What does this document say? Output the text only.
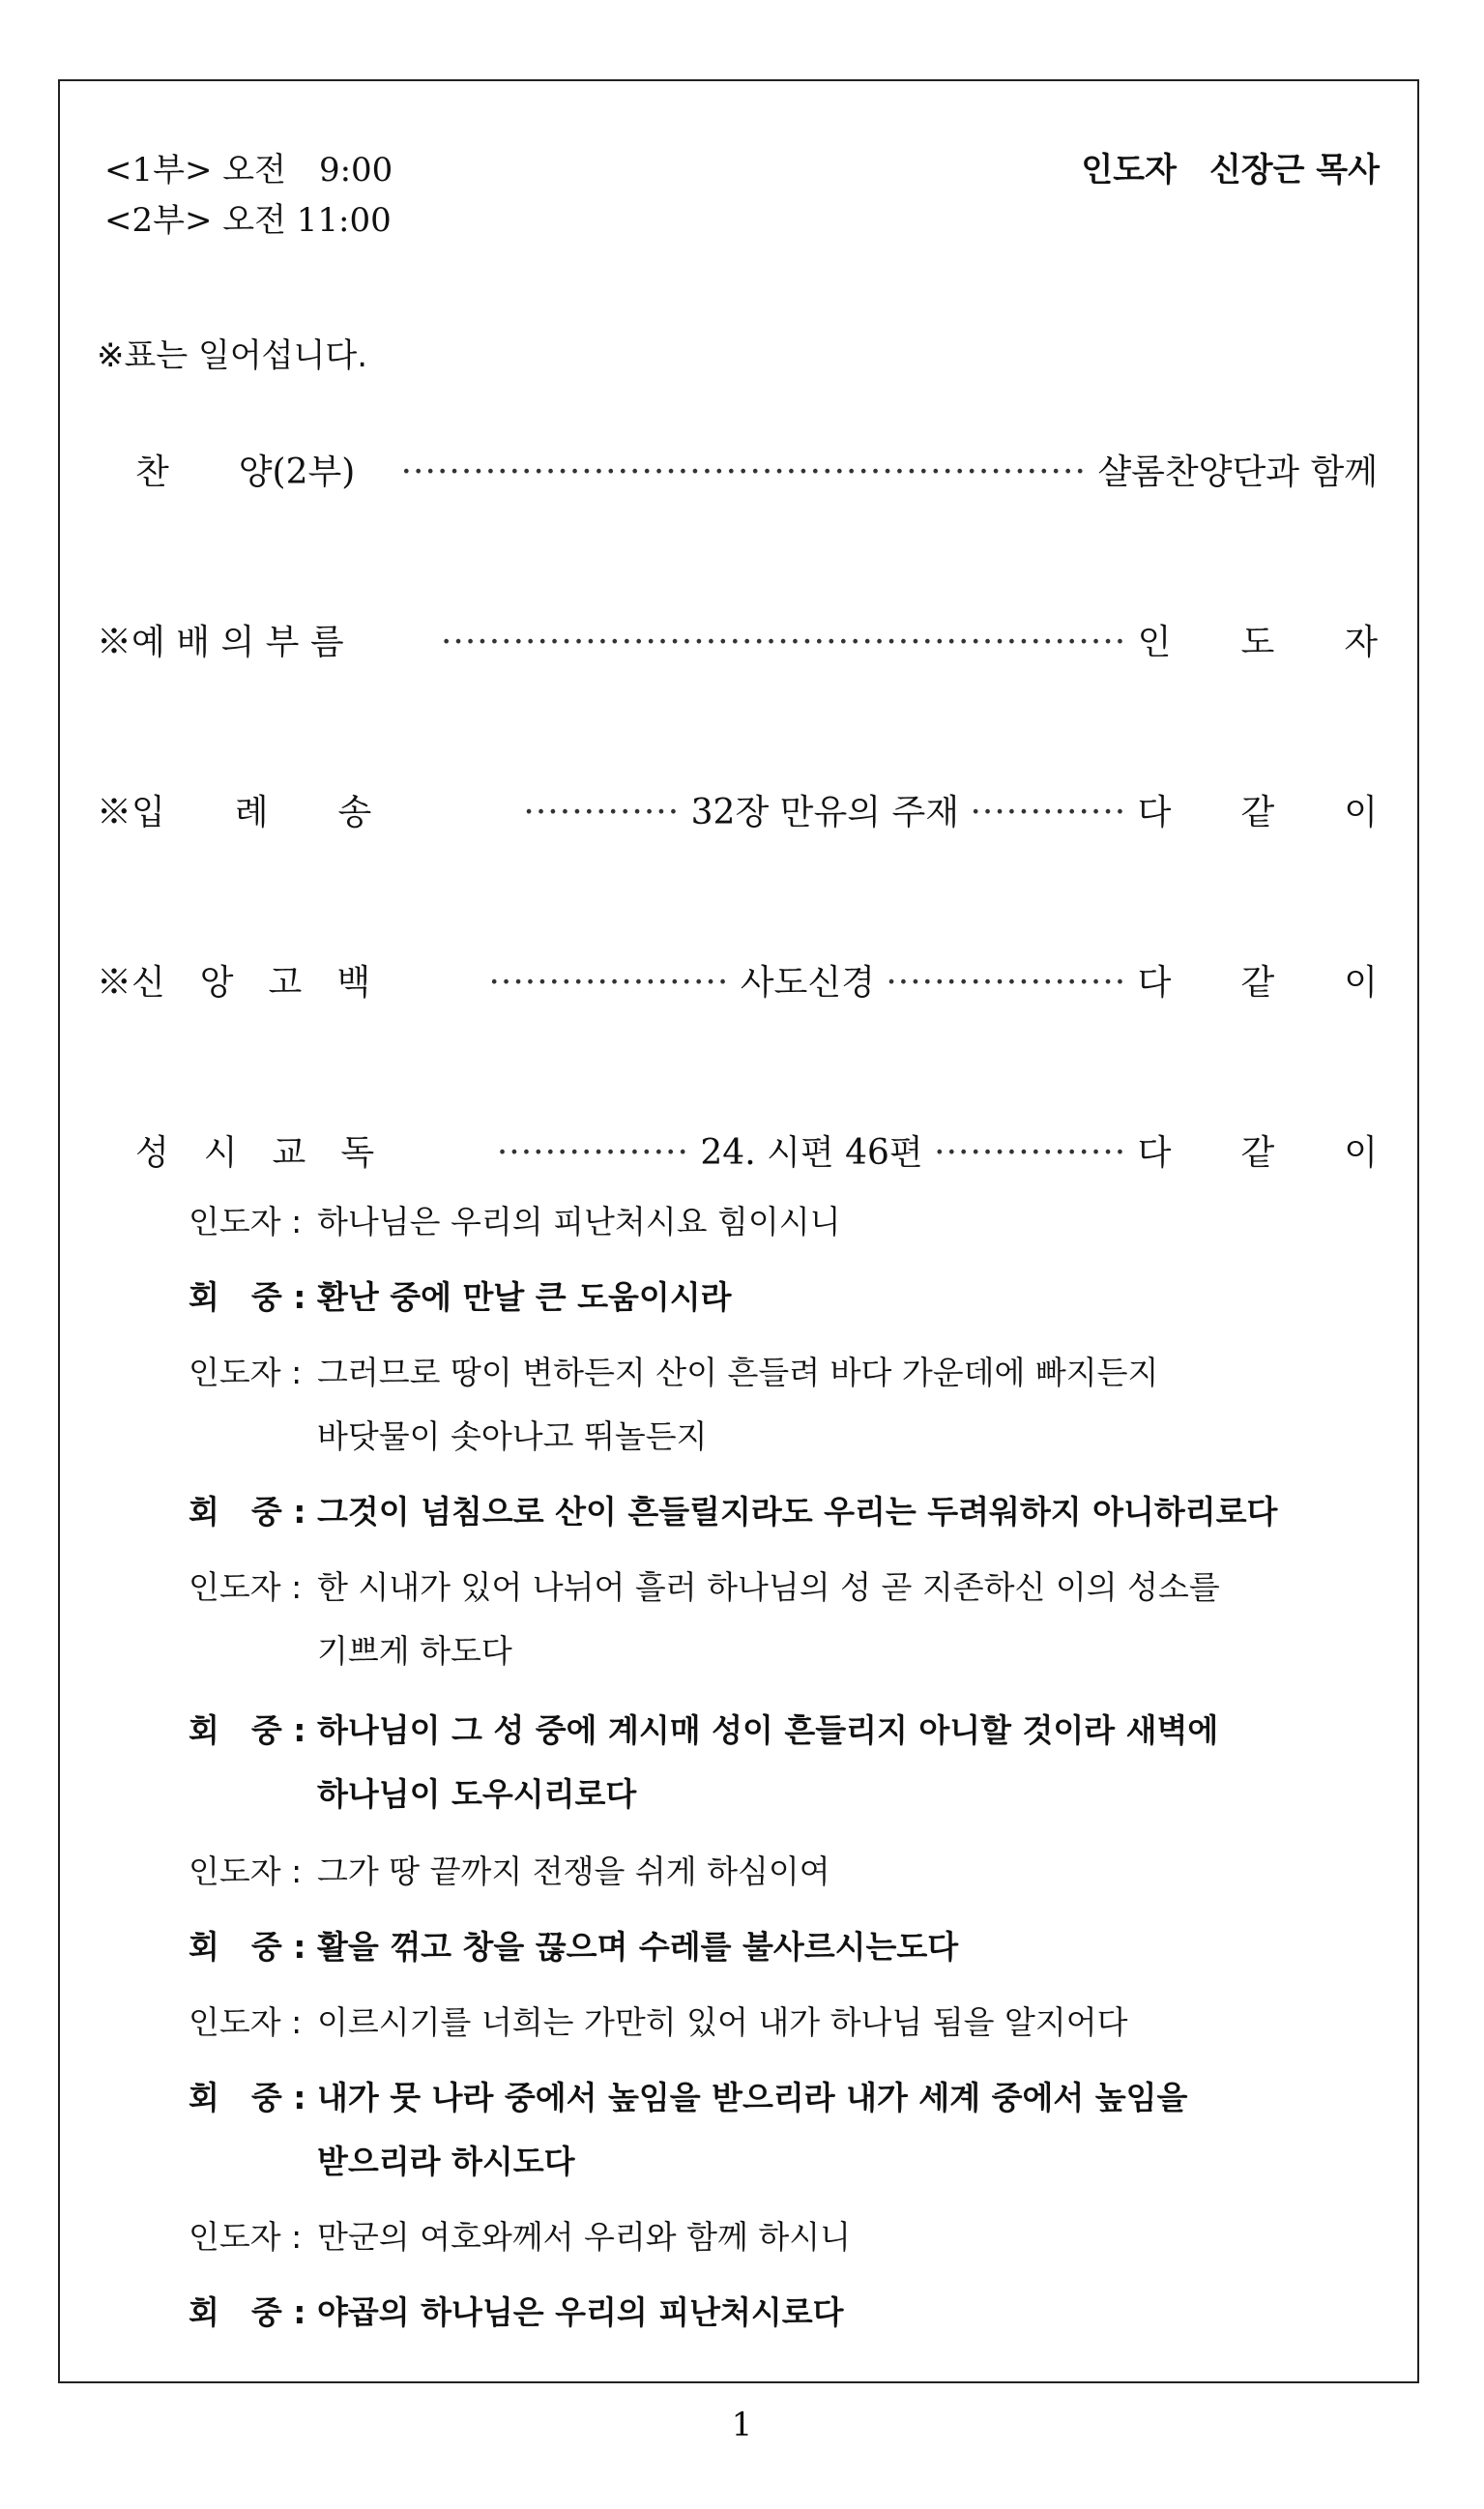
<1부> 오전　9:00
<2부> 오전 11:00
인도자　신장근 목사
※표는 일어섭니다.
찬　　양(2부) ························································· 샬롬찬양단과 함께
※예 배 의 부 름	························································· 인　　도　　자
※입　　례　　송	············· 32장 만유의 주재 ············· 다　　같　　이
※신　앙　고　백	···················· 사도신경 ···················· 다　　같　　이
성　시　교　독	················ 24. 시편 46편 ················ 다　　같　　이
인도자 : 하나님은 우리의 피난처시요 힘이시니
회　중 : 환난 중에 만날 큰 도움이시라
인도자 : 그러므로 땅이 변하든지 산이 흔들려 바다 가운데에 빠지든지
바닷물이 솟아나고 뛰놀든지
회　중 : 그것이 넘침으로 산이 흔들릴지라도 우리는 두려워하지 아니하리로다
인도자 : 한 시내가 있어 나뉘어 흘러 하나님의 성 곧 지존하신 이의 성소를
기쁘게 하도다
회　중 : 하나님이 그 성 중에 계시매 성이 흔들리지 아니할 것이라 새벽에
하나님이 도우시리로다
인도자 : 그가 땅 끝까지 전쟁을 쉬게 하심이여
회　중 : 활을 꺾고 창을 끊으며 수레를 불사르시는도다
인도자 : 이르시기를 너희는 가만히 있어 내가 하나님 됨을 알지어다
회　중 : 내가 뭇 나라 중에서 높임을 받으리라 내가 세계 중에서 높임을
받으리라 하시도다
인도자 : 만군의 여호와께서 우리와 함께 하시니
회　중 : 야곱의 하나님은 우리의 피난처시로다
1
